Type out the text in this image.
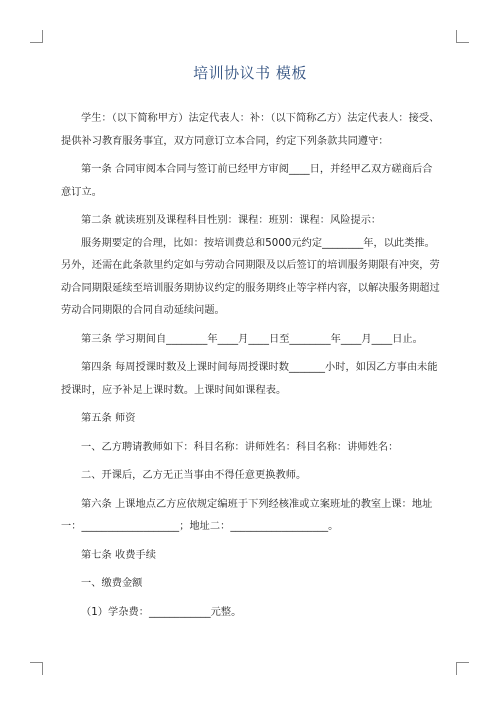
培训协议书 模板

学生：（以下简称甲方）法定代表人：补：（以下简称乙方）法定代表人：接受、提供补习教育服务事宜，双方同意订立本合同，约定下列条款共同遵守：

第一条 合同审阅本合同与签订前已经甲方审阅____日，并经甲乙双方磋商后合意订立。

第二条 就读班别及课程科目性别：课程：班别：课程：风险提示：

服务期要定的合理，比如：按培训费总和5000元约定________年，以此类推。另外，还需在此条款里约定如与劳动合同期限及以后签订的培训服务期限有冲突，劳动合同期限延续至培训服务期协议约定的服务期终止等字样内容，以解决服务期超过劳动合同期限的合同自动延续问题。

第三条 学习期间自________年____月____日至________年____月____日止。

第四条 每周授课时数及上课时间每周授课时数_______小时，如因乙方事由未能授课时，应予补足上课时数。上课时间如课程表。

第五条 师资

一、乙方聘请教师如下：科目名称：讲师姓名：科目名称：讲师姓名：

二、开课后，乙方无正当事由不得任意更换教师。

第六条 上课地点乙方应依规定编班于下列经核准或立案班址的教室上课：地址一：___________________；地址二：___________________。

第七条 收费手续

一、缴费金额

（1）学杂费：____________元整。
